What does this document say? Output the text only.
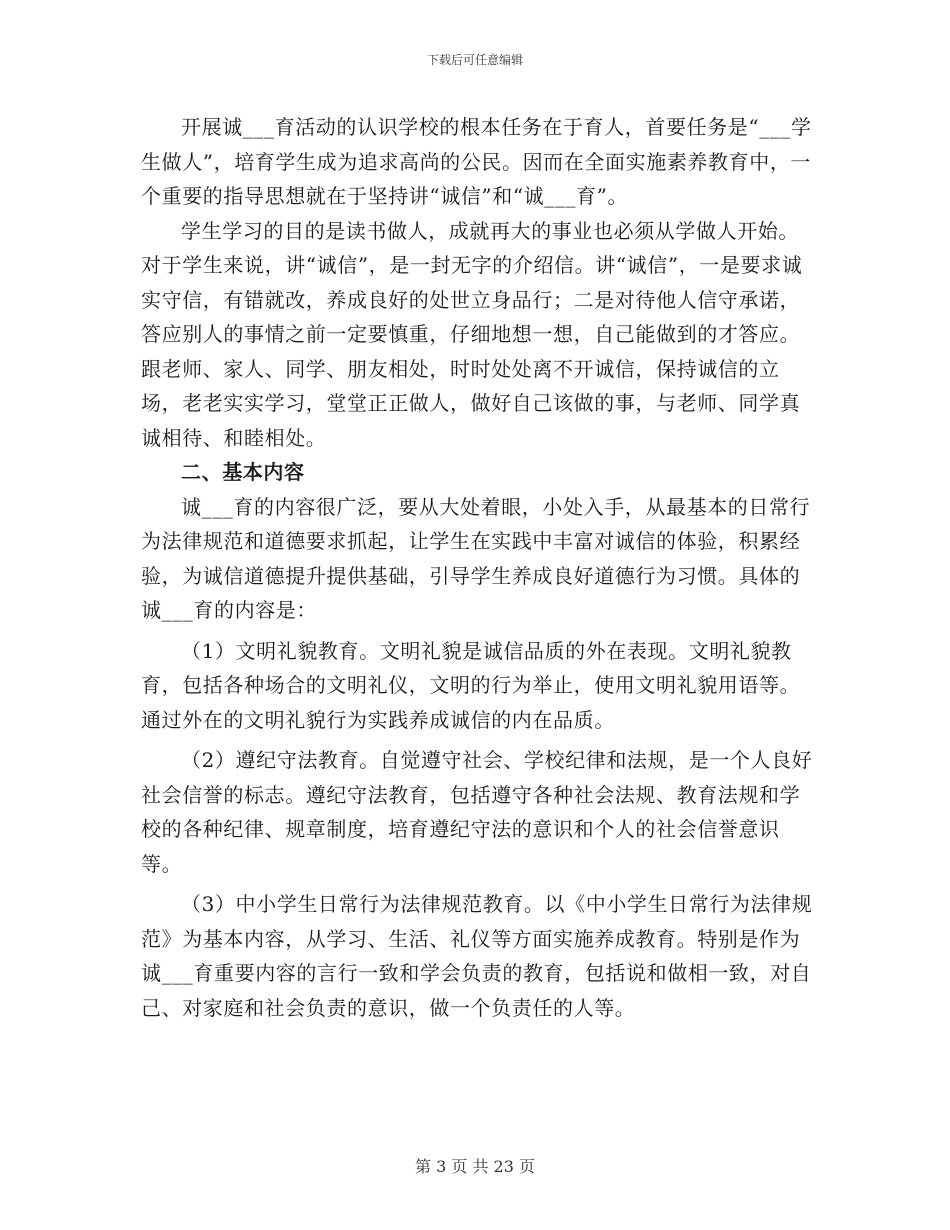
下载后可任意编辑

开展诚___育活动的认识学校的根本任务在于育人，首要任务是“___学生做人”，培育学生成为追求高尚的公民。因而在全面实施素养教育中，一个重要的指导思想就在于坚持讲“诚信”和“诚___育”。

学生学习的目的是读书做人，成就再大的事业也必须从学做人开始。对于学生来说，讲“诚信”，是一封无字的介绍信。讲“诚信”，一是要求诚实守信，有错就改，养成良好的处世立身品行；二是对待他人信守承诺，答应别人的事情之前一定要慎重，仔细地想一想，自己能做到的才答应。跟老师、家人、同学、朋友相处，时时处处离不开诚信，保持诚信的立场，老老实实学习，堂堂正正做人，做好自己该做的事，与老师、同学真诚相待、和睦相处。

二、基本内容

诚___育的内容很广泛，要从大处着眼，小处入手，从最基本的日常行为法律规范和道德要求抓起，让学生在实践中丰富对诚信的体验，积累经验，为诚信道德提升提供基础，引导学生养成良好道德行为习惯。具体的诚___育的内容是：

（1）文明礼貌教育。文明礼貌是诚信品质的外在表现。文明礼貌教育，包括各种场合的文明礼仪，文明的行为举止，使用文明礼貌用语等。通过外在的文明礼貌行为实践养成诚信的内在品质。

（2）遵纪守法教育。自觉遵守社会、学校纪律和法规，是一个人良好社会信誉的标志。遵纪守法教育，包括遵守各种社会法规、教育法规和学校的各种纪律、规章制度，培育遵纪守法的意识和个人的社会信誉意识等。

（3）中小学生日常行为法律规范教育。以《中小学生日常行为法律规范》为基本内容，从学习、生活、礼仪等方面实施养成教育。特别是作为诚___育重要内容的言行一致和学会负责的教育，包括说和做相一致，对自己、对家庭和社会负责的意识，做一个负责任的人等。

第 3 页 共 23 页
